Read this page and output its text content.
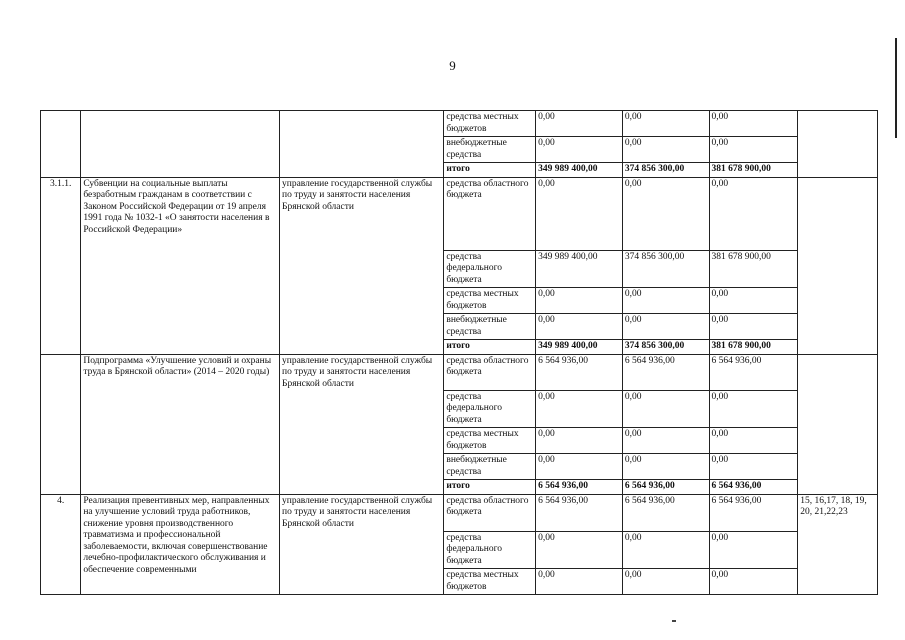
9
			средства местных бюджетов	0,00	0,00	0,00	
			внебюджетные средства	0,00	0,00	0,00	
			итого	349 989 400,00	374 856 300,00	381 678 900,00	
3.1.1.	Субвенции на социальные выплаты безработным гражданам в соответствии с Законом Российской Федерации от 19 апреля 1991 года № 1032-1 «О занятости населения в Российской Федерации»	управление государственной службы по труду и занятости населения Брянской области	средства областного бюджета	0,00	0,00	0,00	
			средства федерального бюджета	349 989 400,00	374 856 300,00	381 678 900,00	
			средства местных бюджетов	0,00	0,00	0,00	
			внебюджетные средства	0,00	0,00	0,00	
			итого	349 989 400,00	374 856 300,00	381 678 900,00	
	Подпрограмма «Улучшение условий и охраны труда в Брянской области» (2014 – 2020 годы)	управление государственной службы по труду и занятости населения Брянской области	средства областного бюджета	6 564 936,00	6 564 936,00	6 564 936,00	
			средства федерального бюджета	0,00	0,00	0,00	
			средства местных бюджетов	0,00	0,00	0,00	
			внебюджетные средства	0,00	0,00	0,00	
			итого	6 564 936,00	6 564 936,00	6 564 936,00	
4.	Реализация превентивных мер, направленных на улучшение условий труда работников, снижение уровня производственного травматизма и профессиональной заболеваемости, включая совершенствование лечебно-профилактического обслуживания и обеспечение современными	управление государственной службы по труду и занятости населения Брянской области	средства областного бюджета	6 564 936,00	6 564 936,00	6 564 936,00	15, 16,17, 18, 19, 20, 21,22,23
			средства федерального бюджета	0,00	0,00	0,00	
			средства местных бюджетов	0,00	0,00	0,00	
